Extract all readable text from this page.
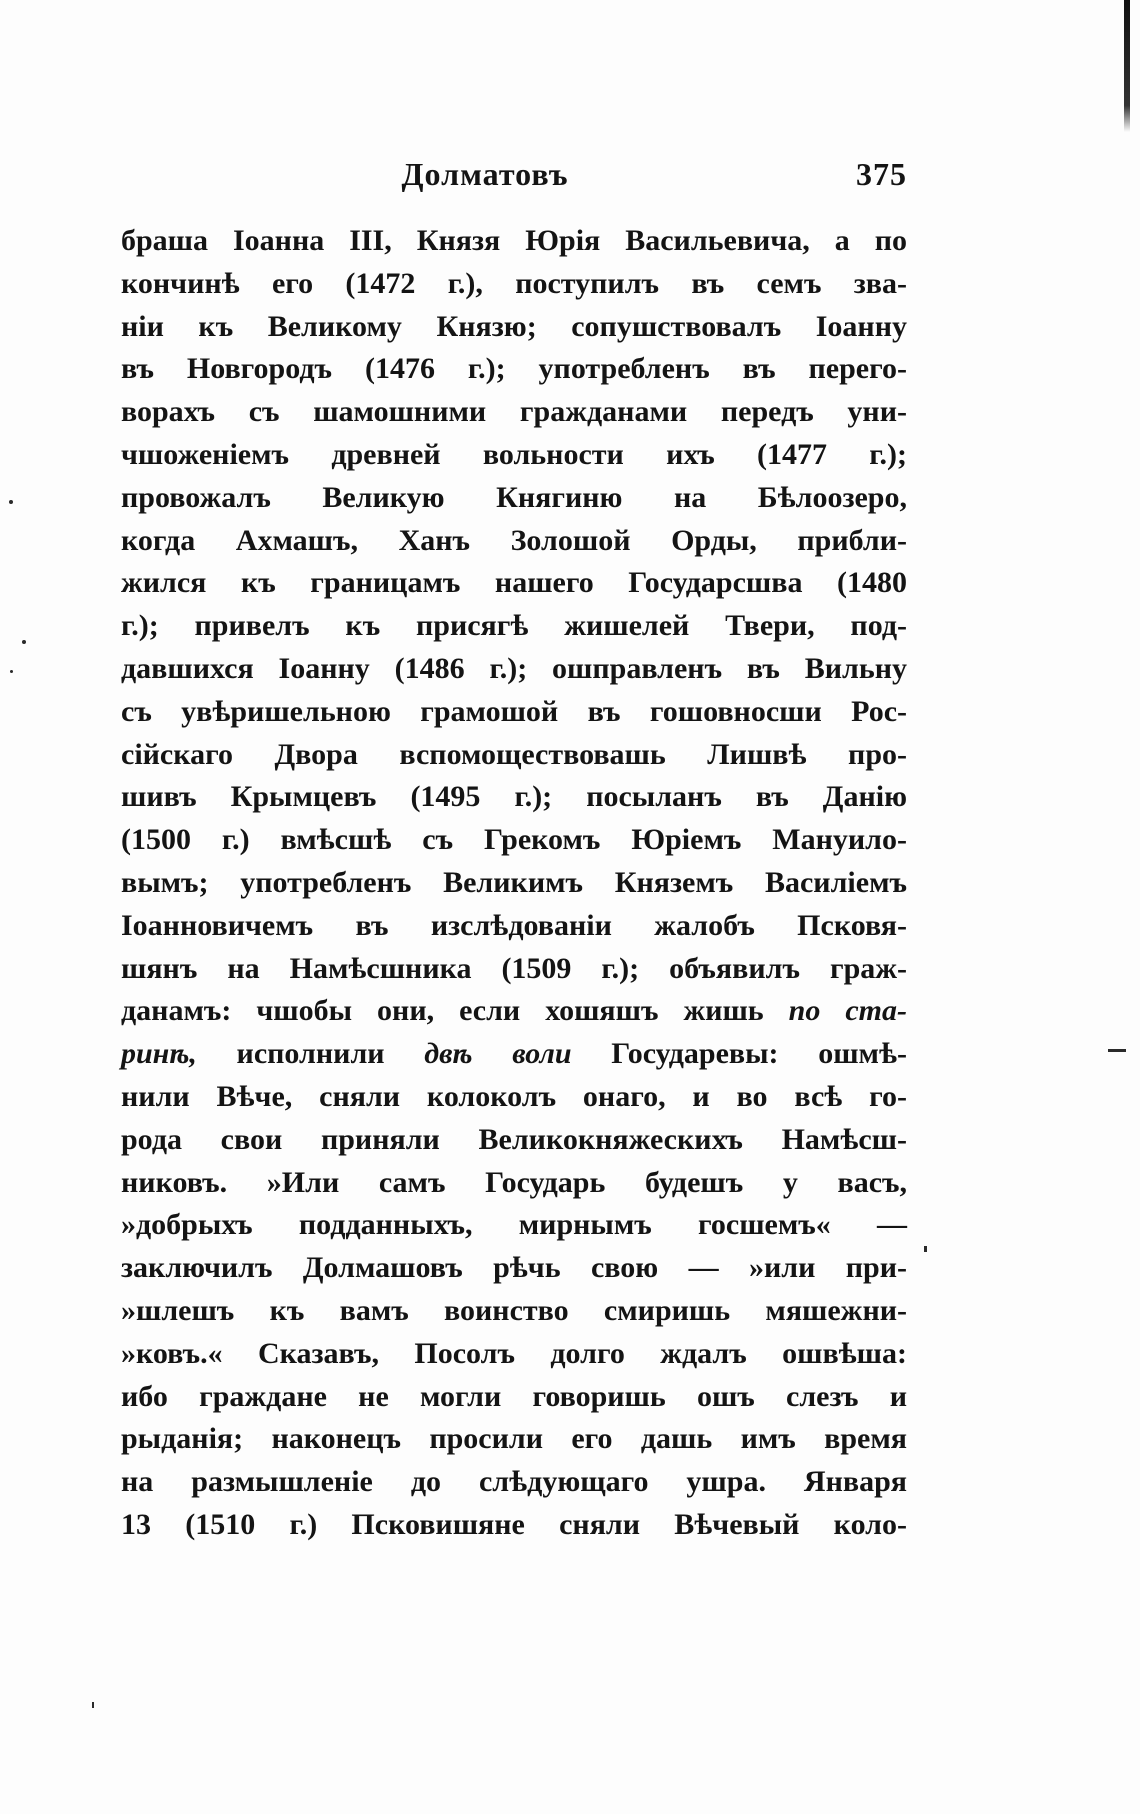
Долматовъ	375
браша Іоанна III, Князя Юрія Васильевича, а по
кончинѣ его (1472 г.), поступилъ въ семъ зва-
ніи къ Великому Князю; сопушствовалъ Іоанну
въ Новгородъ (1476 г.); употребленъ въ перего-
ворахъ съ шамошними гражданами передъ уни-
чшоженіемъ древней вольности ихъ (1477 г.);
провожалъ Великую Княгиню на Бѣлоозеро,
когда Ахмашъ, Ханъ Золошой Орды, прибли-
жился къ границамъ нашего Государсшва (1480
г.); привелъ къ присягѣ жишелей Твери, под-
давшихся Іоанну (1486 г.); ошправленъ въ Вильну
съ увѣришельною грамошой въ гошовносши Рос-
сійскаго Двора вспомоществовашь Лишвѣ про-
шивъ Крымцевъ (1495 г.); посыланъ въ Данію
(1500 г.) вмѣсшѣ съ Грекомъ Юріемъ Мануило-
вымъ; употребленъ Великимъ Княземъ Василіемъ
Іоанновичемъ въ изслѣдованіи жалобъ Псковя-
шянъ на Намѣсшника (1509 г.); объявилъ граж-
данамъ: чшобы они, если хошяшъ жишь по ста-
ринѣ, исполнили двѣ воли Государевы: ошмѣ-
нили Вѣче, сняли колоколъ онаго, и во всѣ го-
рода свои приняли Великокняжескихъ Намѣсш-
никовъ. »Или самъ Государь будешъ у васъ,
»добрыхъ подданныхъ, мирнымъ госшемъ« —
заключилъ Долмашовъ рѣчь свою — »или при-
»шлешъ къ вамъ воинство смиришь мяшежни-
»ковъ.« Сказавъ, Посолъ долго ждалъ ошвѣша:
ибо граждане не могли говоришь ошъ слезъ и
рыданія; наконецъ просили его дашь имъ время
на размышленіе до слѣдующаго ушра. Января
13 (1510 г.) Псковишяне сняли Вѣчевый коло-
